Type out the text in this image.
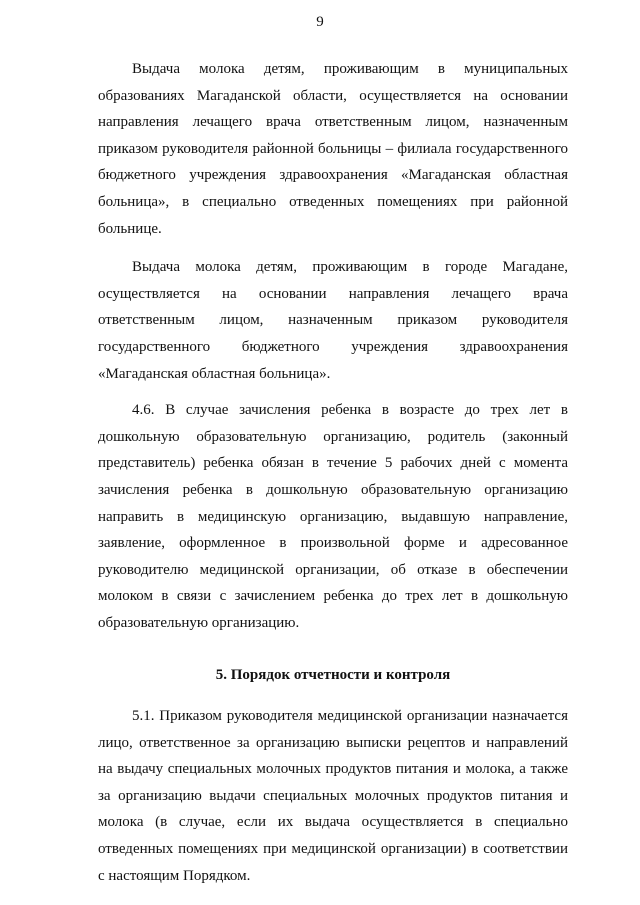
9

Выдача молока детям, проживающим в муниципальных образованиях Магаданской области, осуществляется на основании направления лечащего врача ответственным лицом, назначенным приказом руководителя районной больницы – филиала государственного бюджетного учреждения здравоохранения «Магаданская областная больница», в специально отведенных помещениях при районной больнице.

Выдача молока детям, проживающим в городе Магадане, осуществляется на основании направления лечащего врача ответственным лицом, назначенным приказом руководителя государственного бюджетного учреждения здравоохранения «Магаданская областная больница».

4.6. В случае зачисления ребенка в возрасте до трех лет в дошкольную образовательную организацию, родитель (законный представитель) ребенка обязан в течение 5 рабочих дней с момента зачисления ребенка в дошкольную образовательную организацию направить в медицинскую организацию, выдавшую направление, заявление, оформленное в произвольной форме и адресованное руководителю медицинской организации, об отказе в обеспечении молоком в связи с зачислением ребенка до трех лет в дошкольную образовательную организацию.

5. Порядок отчетности и контроля

5.1. Приказом руководителя медицинской организации назначается лицо, ответственное за организацию выписки рецептов и направлений на выдачу специальных молочных продуктов питания и молока, а также за организацию выдачи специальных молочных продуктов питания и молока (в случае, если их выдача осуществляется в специально отведенных помещениях при медицинской организации) в соответствии с настоящим Порядком.
